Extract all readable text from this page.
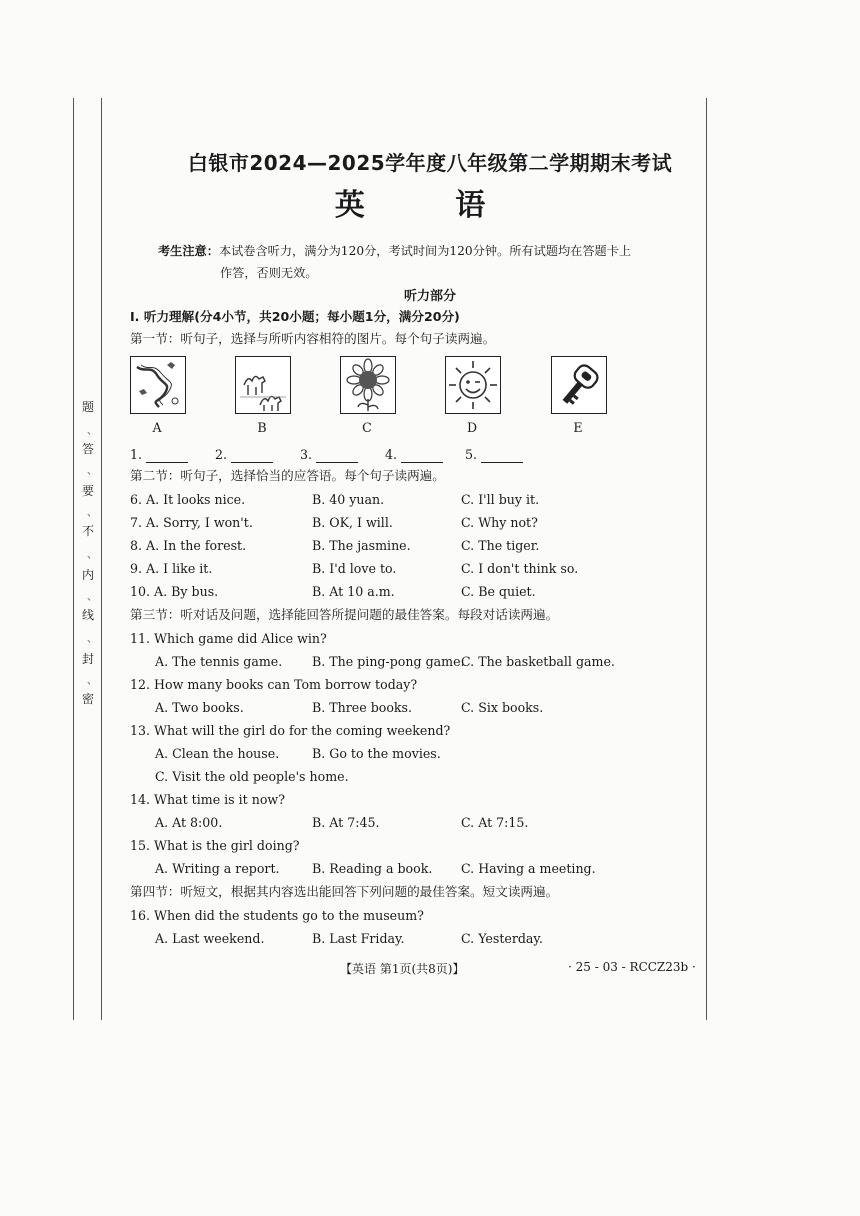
题
、
答
、
要
、
不
、
内
、
线
、
封
、
密
白银市2024—2025学年度八年级第二学期期末考试
英 语
考生注意：本试卷含听力，满分为120分，考试时间为120分钟。所有试题均在答题卡上
作答，否则无效。
听力部分
Ⅰ. 听力理解(分4小节，共20小题；每小题1分，满分20分)
第一节：听句子，选择与所听内容相符的图片。每个句子读两遍。
A	B	C	D	E
1.	2.	3.	4.	5.
第二节：听句子，选择恰当的应答语。每个句子读两遍。
6. A. It looks nice.	B. 40 yuan.	C. I'll buy it.
7. A. Sorry, I won't.	B. OK, I will.	C. Why not?
8. A. In the forest.	B. The jasmine.	C. The tiger.
9. A. I like it.	B. I'd love to.	C. I don't think so.
10. A. By bus.	B. At 10 a.m.	C. Be quiet.
第三节：听对话及问题，选择能回答所提问题的最佳答案。每段对话读两遍。
11. Which game did Alice win?
A. The tennis game. B. The ping-pong game.
C. The basketball game.
12. How many books can Tom borrow today?
A. Two books.	B. Three books.	C. Six books.
13. What will the girl do for the coming weekend?
A. Clean the house.	B. Go to the movies.
C. Visit the old people's home.
14. What time is it now?
A. At 8:00.	B. At 7:45.	C. At 7:15.
15. What is the girl doing?
A. Writing a report.	B. Reading a book. C. Having a meeting.
第四节：听短文，根据其内容选出能回答下列问题的最佳答案。短文读两遍。
16. When did the students go to the museum?
A. Last weekend.	B. Last Friday.	C. Yesterday.
【英语 第1页(共8页)】	· 25 - 03 - RCCZ23b ·
